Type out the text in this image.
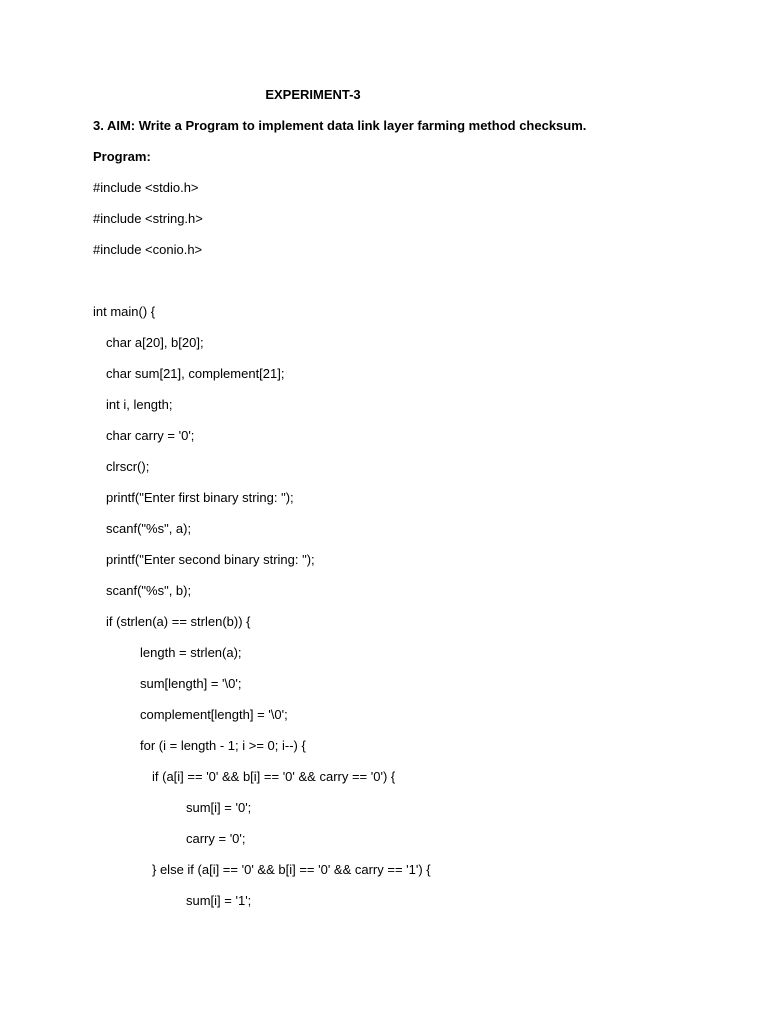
EXPERIMENT-3
3. AIM: Write a Program to implement data link layer farming method checksum.
Program:
#include <stdio.h>
#include <string.h>
#include <conio.h>
int main() {
char a[20], b[20];
char sum[21], complement[21];
int i, length;
char carry = '0';
clrscr();
printf("Enter first binary string: ");
scanf("%s", a);
printf("Enter second binary string: ");
scanf("%s", b);
if (strlen(a) == strlen(b)) {
length = strlen(a);
sum[length] = '\0';
complement[length] = '\0';
for (i = length - 1; i >= 0; i--) {
if (a[i] == '0' && b[i] == '0' && carry == '0') {
sum[i] = '0';
carry = '0';
} else if (a[i] == '0' && b[i] == '0' && carry == '1') {
sum[i] = '1';
